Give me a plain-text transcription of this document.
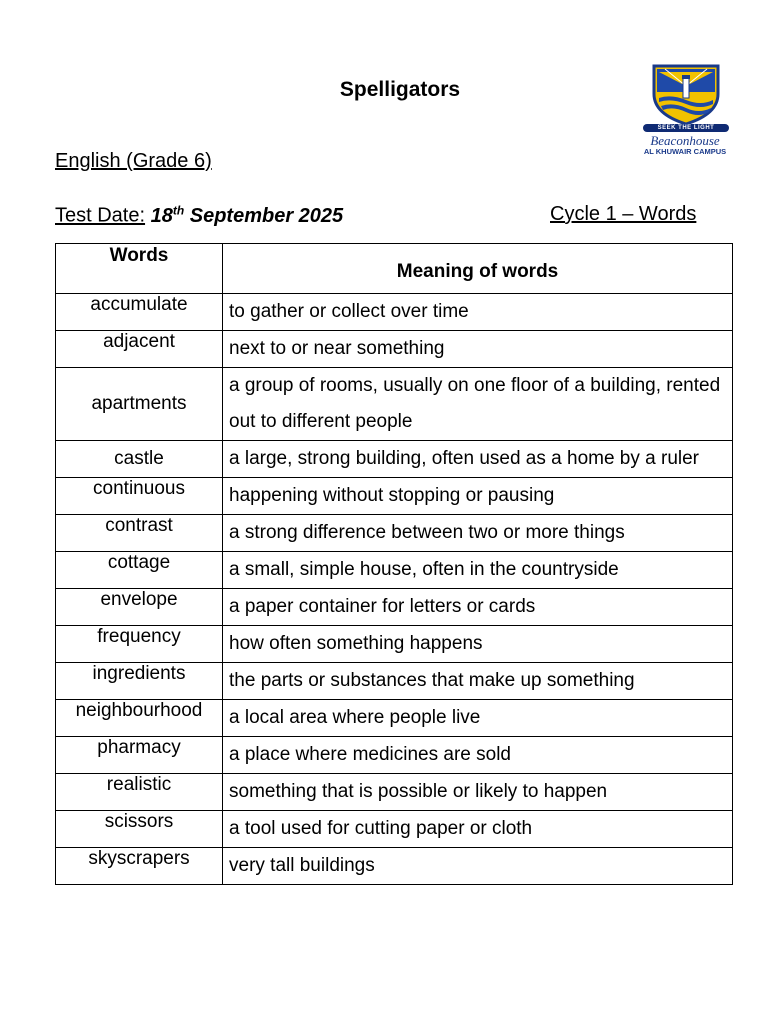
Spelligators
SEEK THE LIGHT
Beaconhouse
AL KHUWAIR CAMPUS
English (Grade 6)
Test Date: 18th September 2025	Cycle 1 – Words
Words	Meaning of words
accumulate	to gather or collect over time
adjacent	next to or near something
apartments	a group of rooms, usually on one floor of a building, rented out to different people
castle	a large, strong building, often used as a home by a ruler
continuous	happening without stopping or pausing
contrast	a strong difference between two or more things
cottage	a small, simple house, often in the countryside
envelope	a paper container for letters or cards
frequency	how often something happens
ingredients	the parts or substances that make up something
neighbourhood	a local area where people live
pharmacy	a place where medicines are sold
realistic	something that is possible or likely to happen
scissors	a tool used for cutting paper or cloth
skyscrapers	very tall buildings
